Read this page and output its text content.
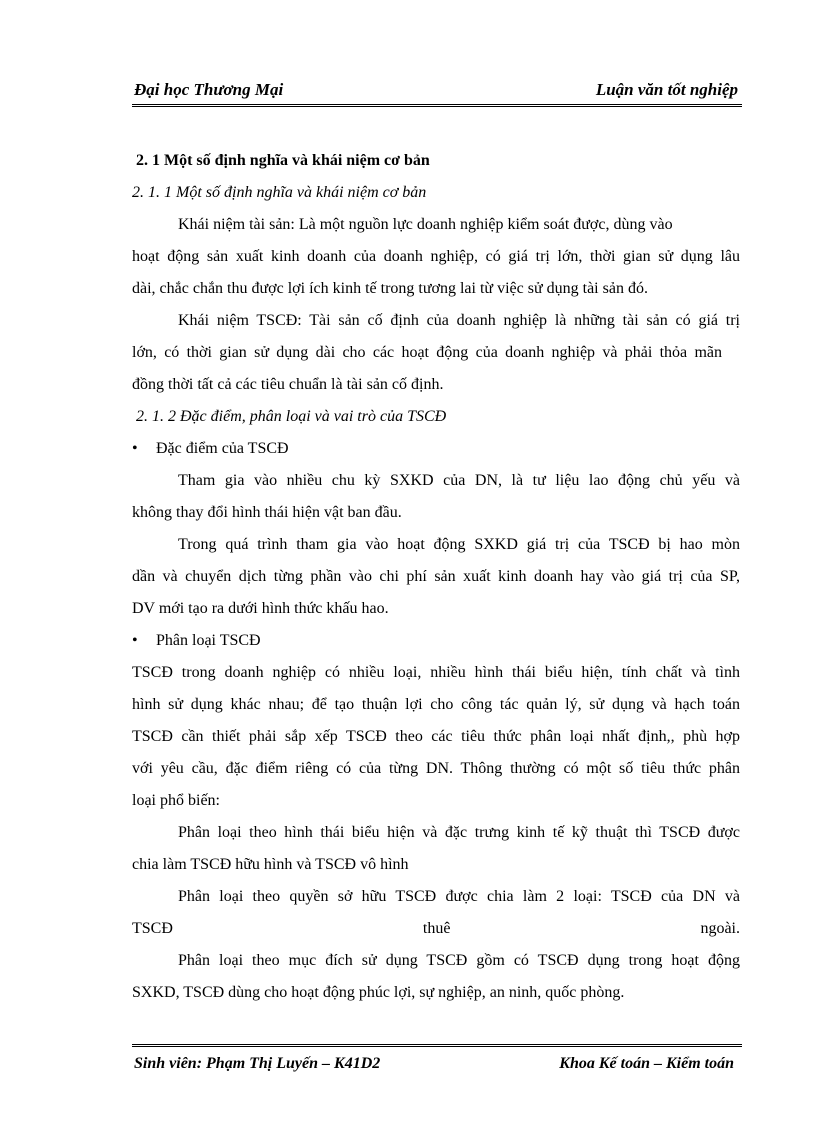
Đại học Thương Mại	Luận văn tốt nghiệp
2. 1 Một số định nghĩa và khái niệm cơ bản
2. 1. 1 Một số định nghĩa và khái niệm cơ bản
Khái niệm tài sản: Là một nguồn lực doanh nghiệp kiểm soát được, dùng vào
hoạt động sản xuất kinh doanh của doanh nghiệp, có giá trị lớn, thời gian sử dụng lâu
dài, chắc chắn thu được lợi ích kinh tế trong tương lai từ việc sử dụng tài sản đó.
Khái niệm TSCĐ: Tài sản cố định của doanh nghiệp là những tài sản có giá trị
lớn, có thời gian sử dụng dài cho các hoạt động của doanh nghiệp và phải thỏa mãn
đồng thời tất cả các tiêu chuẩn là tài sản cố định.
2. 1. 2 Đặc điểm, phân loại và vai trò của TSCĐ
• Đặc điểm của TSCĐ
Tham gia vào nhiều chu kỳ SXKD của DN, là tư liệu lao động chủ yếu và
không thay đổi hình thái hiện vật ban đầu.
Trong quá trình tham gia vào hoạt động SXKD giá trị của TSCĐ bị hao mòn
dần và chuyển dịch từng phần vào chi phí sản xuất kinh doanh hay vào giá trị của SP,
DV mới tạo ra dưới hình thức khấu hao.
• Phân loại TSCĐ
TSCĐ trong doanh nghiệp có nhiều loại, nhiều hình thái biểu hiện, tính chất và tình
hình sử dụng khác nhau; để tạo thuận lợi cho công tác quản lý, sử dụng và hạch toán
TSCĐ cần thiết phải sắp xếp TSCĐ theo các tiêu thức phân loại nhất định,, phù hợp
với yêu cầu, đặc điểm riêng có của từng DN. Thông thường có một số tiêu thức phân
loại phổ biến:
Phân loại theo hình thái biểu hiện và đặc trưng kinh tế kỹ thuật thì TSCĐ được
chia làm TSCĐ hữu hình và TSCĐ vô hình
Phân loại theo quyền sở hữu TSCĐ được chia làm 2 loại: TSCĐ của DN và
TSCĐ thuê ngoài.
Phân loại theo mục đích sử dụng TSCĐ gồm có TSCĐ dụng trong hoạt động
SXKD, TSCĐ dùng cho hoạt động phúc lợi, sự nghiệp, an ninh, quốc phòng.
Sinh viên: Phạm Thị Luyến – K41D2	Khoa Kế toán – Kiểm toán
